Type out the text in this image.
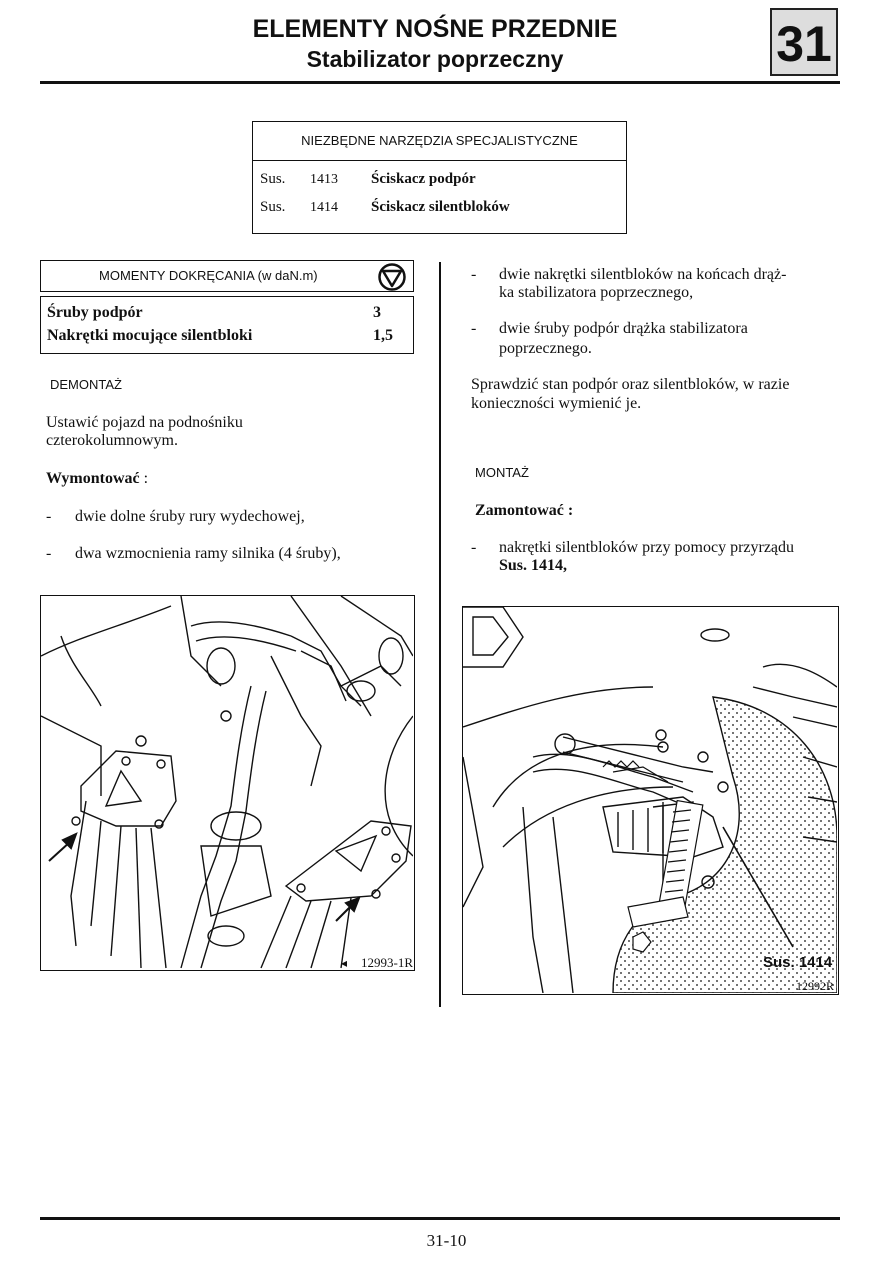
ELEMENTY NOŚNE PRZEDNIE
Stabilizator poprzeczny	31
NIEZBĘDNE NARZĘDZIA SPECJALISTYCZNE
Sus. 1413 Ściskacz podpór
Sus. 1414 Ściskacz silentbloków
MOMENTY DOKRĘCANIA (w daN.m)
Śruby podpór	3
Nakrętki mocujące silentbloki	1,5
DEMONTAŻ
Ustawić pojazd na podnośniku
czterokolumnowym.
Wymontować :
- dwie dolne śruby rury wydechowej,
- dwa wzmocnienia ramy silnika (4 śruby),
- dwie nakrętki silentbloków na końcach drąż-
ka stabilizatora poprzecznego,
- dwie śruby podpór drążka stabilizatora
poprzecznego.
Sprawdzić stan podpór oraz silentbloków, w razie
konieczności wymienić je.
MONTAŻ
Zamontować :
- nakrętki silentbloków przy pomocy przyrządu
Sus. 1414,
◂ 12993-1R	Sus. 1414
12992R
31-10
